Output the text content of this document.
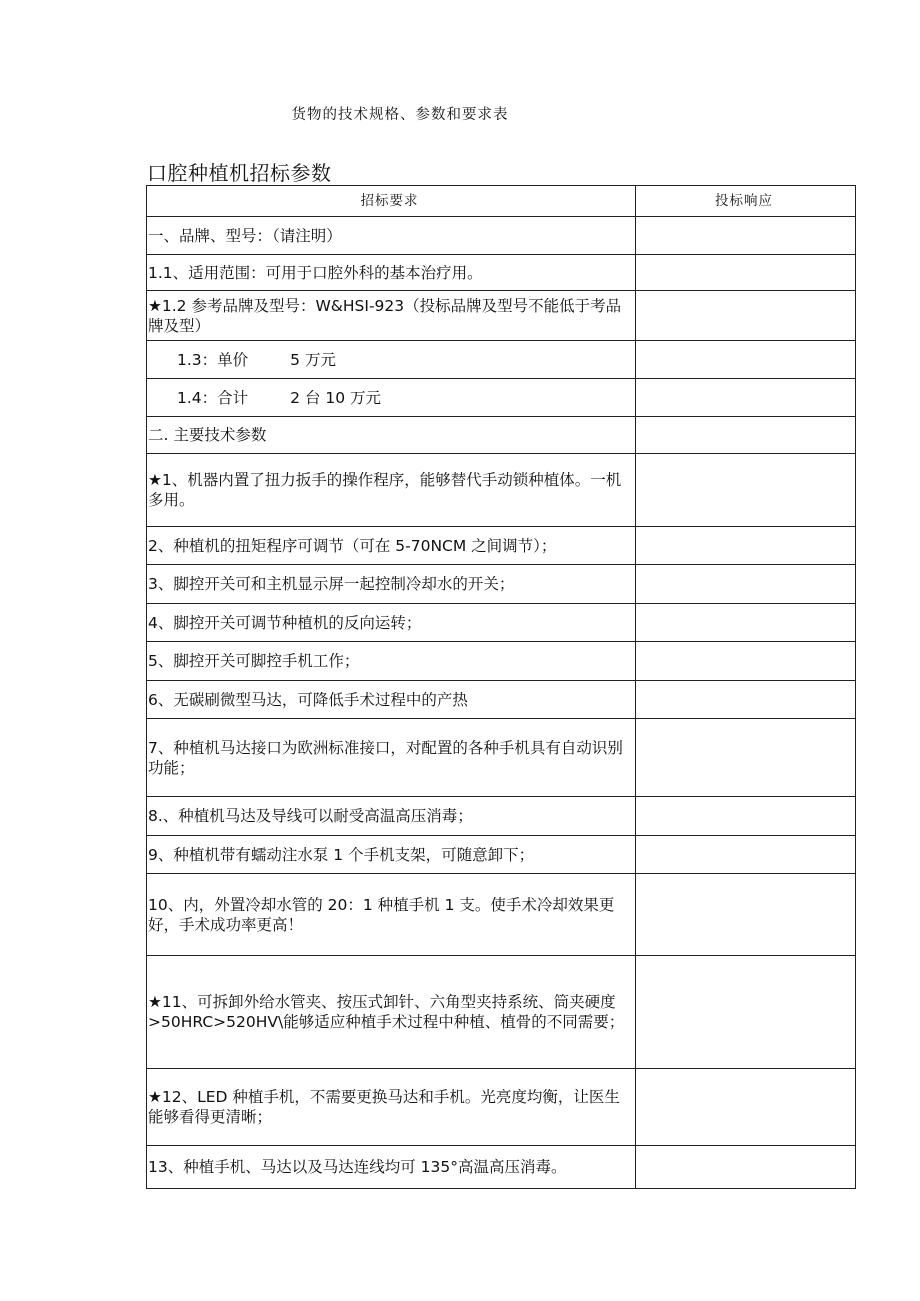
货物的技术规格、参数和要求表
口腔种植机招标参数
招标要求	投标响应
一、品牌、型号：（请注明）	
1.1、适用范围：可用于口腔外科的基本治疗用。	
★1.2 参考品牌及型号：W&HSI-923（投标品牌及型号不能低于考品牌及型）	
1.3：单价 5 万元	
1.4：合计 2 台 10 万元	
二. 主要技术参数	
★1、机器内置了扭力扳手的操作程序，能够替代手动锁种植体。一机多用。	
2、种植机的扭矩程序可调节（可在 5-70NCM 之间调节）；	
3、脚控开关可和主机显示屏一起控制冷却水的开关；	
4、脚控开关可调节种植机的反向运转；	
5、脚控开关可脚控手机工作；	
6、无碳刷微型马达，可降低手术过程中的产热	
7、种植机马达接口为欧洲标准接口，对配置的各种手机具有自动识别功能；	
8.、种植机马达及导线可以耐受高温高压消毒；	
9、种植机带有蠕动注水泵 1 个手机支架，可随意卸下；	
10、内，外置冷却水管的 20：1 种植手机 1 支。使手术冷却效果更好，手术成功率更高！	
★11、可拆卸外给水管夹、按压式卸针、六角型夹持系统、筒夹硬度>50HRC>520HV\能够适应种植手术过程中种植、植骨的不同需要；	
★12、LED 种植手机，不需要更换马达和手机。光亮度均衡，让医生能够看得更清晰；	
13、种植手机、马达以及马达连线均可 135°高温高压消毒。	
